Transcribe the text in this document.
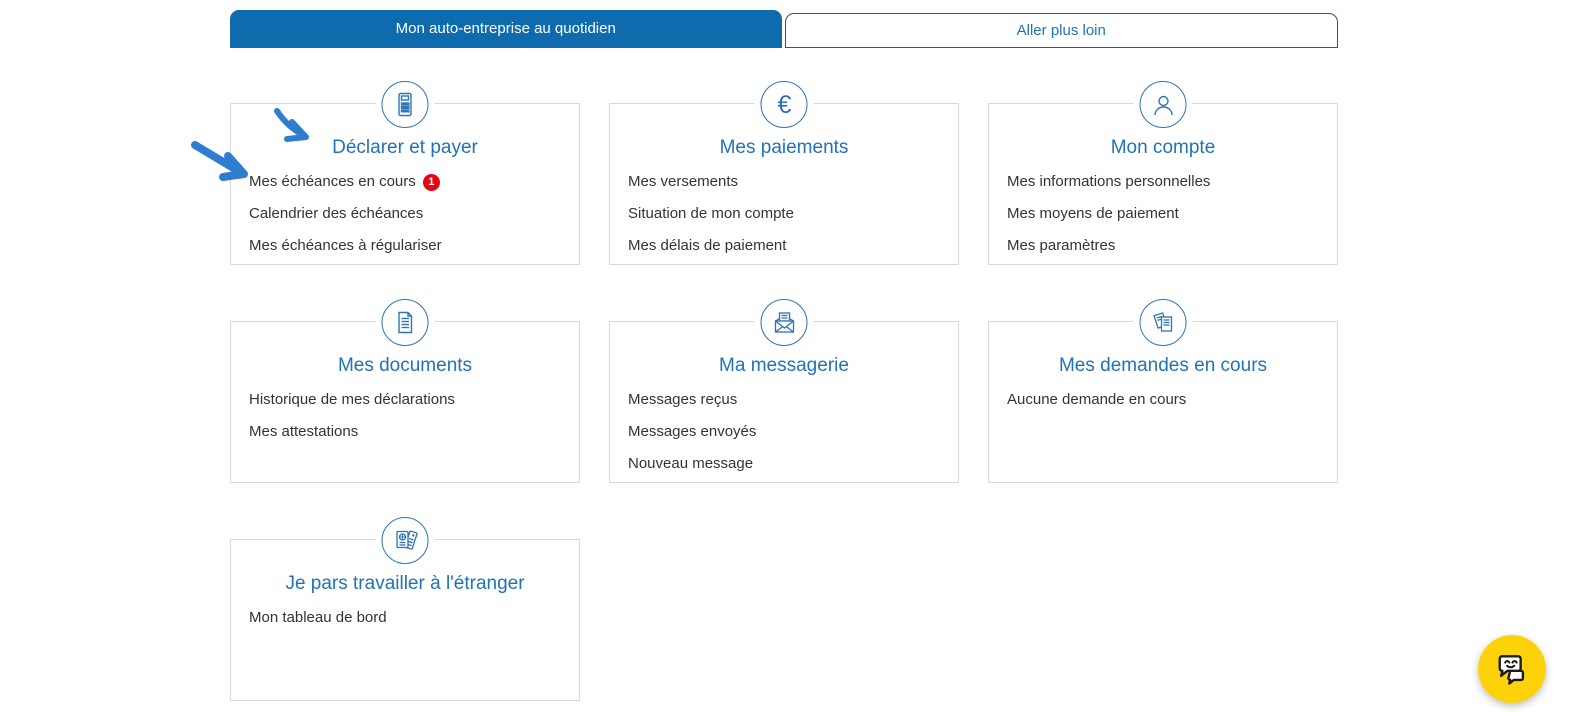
Mon auto-entreprise au quotidien	Aller plus loin
Déclarer et payer
Mes échéances en cours 1
Calendrier des échéances
Mes échéances à régulariser
€
Mes paiements
Mes versements
Situation de mon compte
Mes délais de paiement
Mon compte
Mes informations personnelles
Mes moyens de paiement
Mes paramètres
Mes documents
Historique de mes déclarations
Mes attestations
Ma messagerie
Messages reçus
Messages envoyés
Nouveau message
Mes demandes en cours
Aucune demande en cours
Je pars travailler à l'étranger
Mon tableau de bord
